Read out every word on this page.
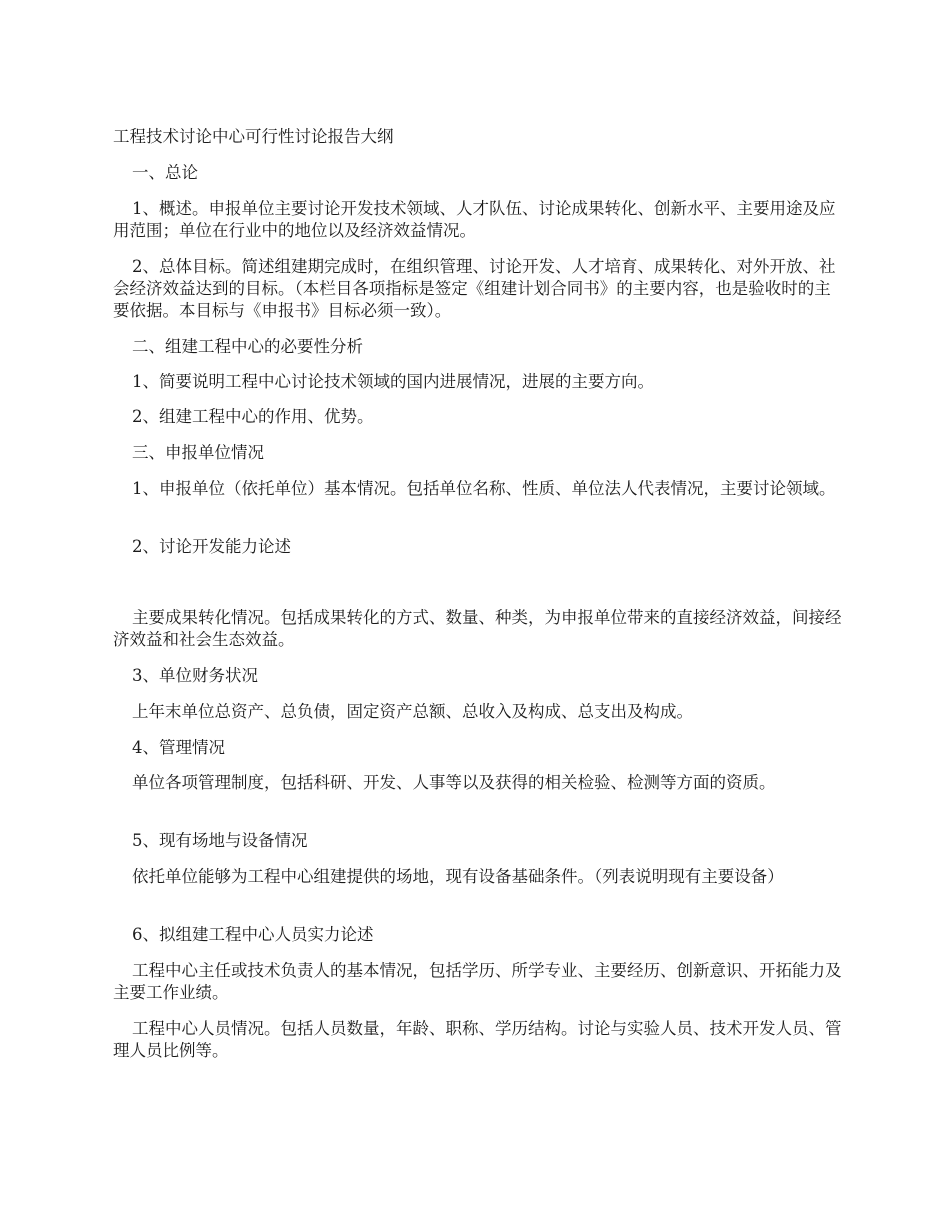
工程技术讨论中心可行性讨论报告大纲

一、总论

1、概述。申报单位主要讨论开发技术领域、人才队伍、讨论成果转化、创新水平、主要用途及应用范围；单位在行业中的地位以及经济效益情况。

2、总体目标。简述组建期完成时，在组织管理、讨论开发、人才培育、成果转化、对外开放、社会经济效益达到的目标。（本栏目各项指标是签定《组建计划合同书》的主要内容，也是验收时的主要依据。本目标与《申报书》目标必须一致）。

二、组建工程中心的必要性分析

1、简要说明工程中心讨论技术领域的国内进展情况，进展的主要方向。

2、组建工程中心的作用、优势。

三、申报单位情况

1、申报单位（依托单位）基本情况。包括单位名称、性质、单位法人代表情况，主要讨论领域。

2、讨论开发能力论述

主要成果转化情况。包括成果转化的方式、数量、种类，为申报单位带来的直接经济效益，间接经济效益和社会生态效益。

3、单位财务状况

上年末单位总资产、总负债，固定资产总额、总收入及构成、总支出及构成。

4、管理情况

单位各项管理制度，包括科研、开发、人事等以及获得的相关检验、检测等方面的资质。

5、现有场地与设备情况

依托单位能够为工程中心组建提供的场地，现有设备基础条件。（列表说明现有主要设备）

6、拟组建工程中心人员实力论述

工程中心主任或技术负责人的基本情况，包括学历、所学专业、主要经历、创新意识、开拓能力及主要工作业绩。

工程中心人员情况。包括人员数量，年龄、职称、学历结构。讨论与实验人员、技术开发人员、管理人员比例等。
